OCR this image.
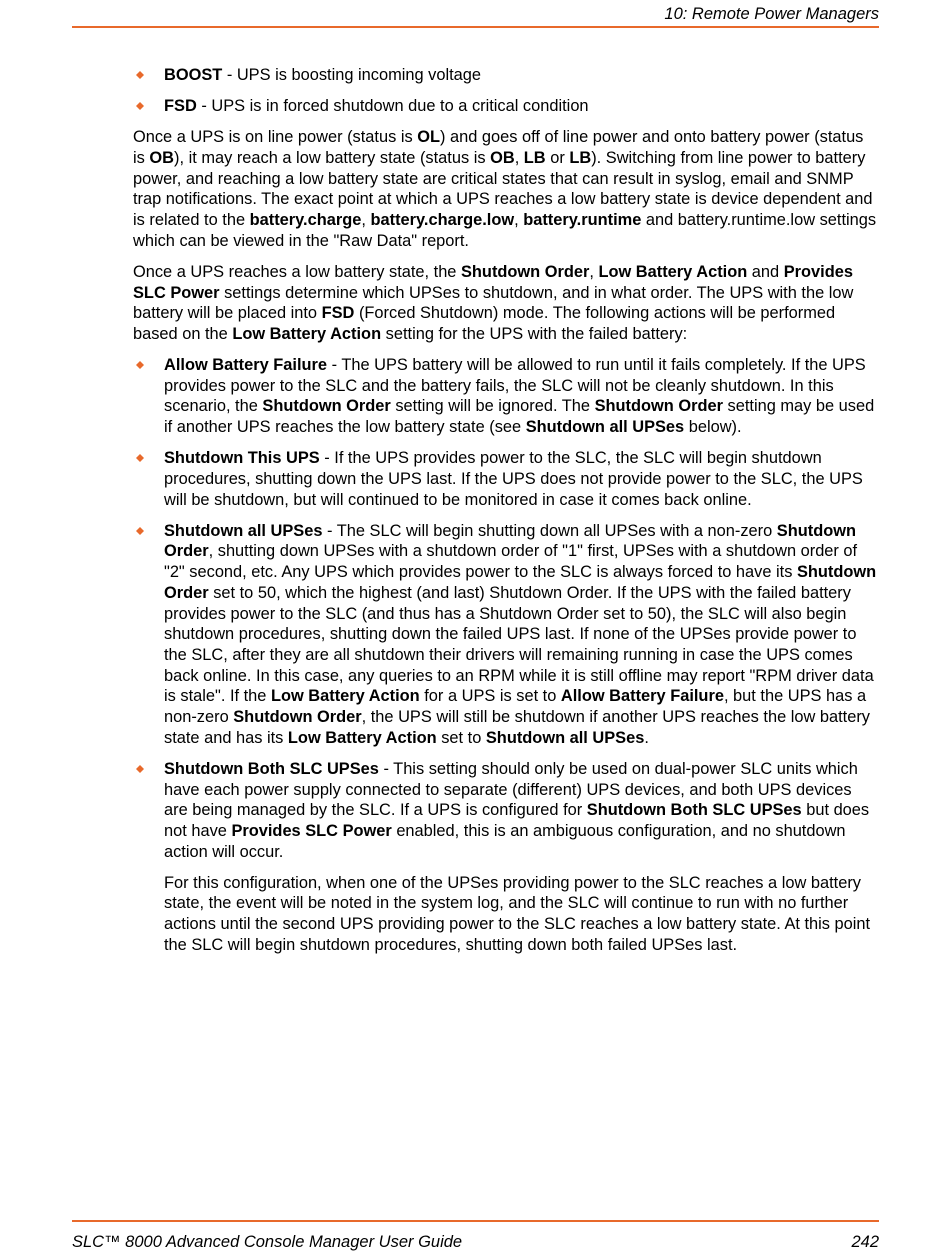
10: Remote Power Managers
BOOST - UPS is boosting incoming voltage
FSD - UPS is in forced shutdown due to a critical condition

Once a UPS is on line power (status is OL) and goes off of line power and onto battery power (status is OB), it may reach a low battery state (status is OB, LB or LB). Switching from line power to battery power, and reaching a low battery state are critical states that can result in syslog, email and SNMP trap notifications. The exact point at which a UPS reaches a low battery state is device dependent and is related to the battery.charge, battery.charge.low, battery.runtime and battery.runtime.low settings which can be viewed in the "Raw Data" report.

Once a UPS reaches a low battery state, the Shutdown Order, Low Battery Action and Provides SLC Power settings determine which UPSes to shutdown, and in what order. The UPS with the low battery will be placed into FSD (Forced Shutdown) mode. The following actions will be performed based on the Low Battery Action setting for the UPS with the failed battery:

Allow Battery Failure - The UPS battery will be allowed to run until it fails completely. If the UPS provides power to the SLC and the battery fails, the SLC will not be cleanly shutdown. In this scenario, the Shutdown Order setting will be ignored. The Shutdown Order setting may be used if another UPS reaches the low battery state (see Shutdown all UPSes below).
Shutdown This UPS - If the UPS provides power to the SLC, the SLC will begin shutdown procedures, shutting down the UPS last. If the UPS does not provide power to the SLC, the UPS will be shutdown, but will continued to be monitored in case it comes back online.
Shutdown all UPSes - The SLC will begin shutting down all UPSes with a non-zero Shutdown Order, shutting down UPSes with a shutdown order of "1" first, UPSes with a shutdown order of "2" second, etc. Any UPS which provides power to the SLC is always forced to have its Shutdown Order set to 50, which the highest (and last) Shutdown Order. If the UPS with the failed battery provides power to the SLC (and thus has a Shutdown Order set to 50), the SLC will also begin shutdown procedures, shutting down the failed UPS last. If none of the UPSes provide power to the SLC, after they are all shutdown their drivers will remaining running in case the UPS comes back online. In this case, any queries to an RPM while it is still offline may report "RPM driver data is stale". If the Low Battery Action for a UPS is set to Allow Battery Failure, but the UPS has a non-zero Shutdown Order, the UPS will still be shutdown if another UPS reaches the low battery state and has its Low Battery Action set to Shutdown all UPSes.
Shutdown Both SLC UPSes - This setting should only be used on dual-power SLC units which have each power supply connected to separate (different) UPS devices, and both UPS devices are being managed by the SLC. If a UPS is configured for Shutdown Both SLC UPSes but does not have Provides SLC Power enabled, this is an ambiguous configuration, and no shutdown action will occur.

For this configuration, when one of the UPSes providing power to the SLC reaches a low battery state, the event will be noted in the system log, and the SLC will continue to run with no further actions until the second UPS providing power to the SLC reaches a low battery state. At this point the SLC will begin shutdown procedures, shutting down both failed UPSes last.

SLC™ 8000 Advanced Console Manager User Guide	242
